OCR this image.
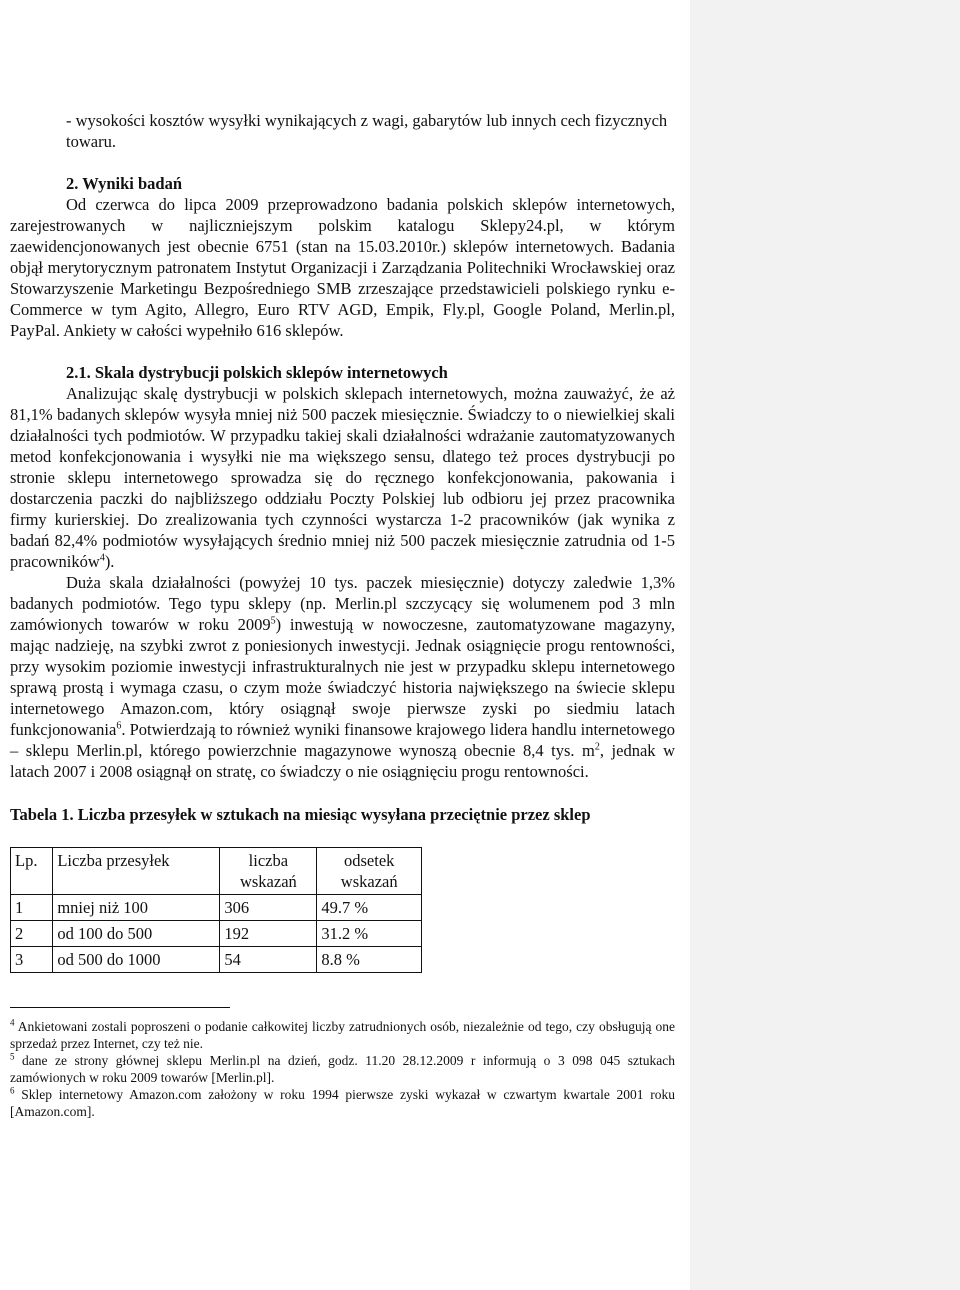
- wysokości kosztów wysyłki wynikających z wagi, gabarytów lub innych cech fizycznych towaru.

2. Wyniki badań

Od czerwca do lipca 2009 przeprowadzono badania polskich sklepów internetowych, zarejestrowanych w najliczniejszym polskim katalogu Sklepy24.pl, w którym zaewidencjonowanych jest obecnie 6751 (stan na 15.03.2010r.) sklepów internetowych. Badania objął merytorycznym patronatem Instytut Organizacji i Zarządzania Politechniki Wrocławskiej oraz Stowarzyszenie Marketingu Bezpośredniego SMB zrzeszające przedstawicieli polskiego rynku e-Commerce w tym Agito, Allegro, Euro RTV AGD, Empik, Fly.pl, Google Poland, Merlin.pl, PayPal. Ankiety w całości wypełniło 616 sklepów.

2.1. Skala dystrybucji polskich sklepów internetowych

Analizując skalę dystrybucji w polskich sklepach internetowych, można zauważyć, że aż 81,1% badanych sklepów wysyła mniej niż 500 paczek miesięcznie. Świadczy to o niewielkiej skali działalności tych podmiotów. W przypadku takiej skali działalności wdrażanie zautomatyzowanych metod konfekcjonowania i wysyłki nie ma większego sensu, dlatego też proces dystrybucji po stronie sklepu internetowego sprowadza się do ręcznego konfekcjonowania, pakowania i dostarczenia paczki do najbliższego oddziału Poczty Polskiej lub odbioru jej przez pracownika firmy kurierskiej. Do zrealizowania tych czynności wystarcza 1-2 pracowników (jak wynika z badań 82,4% podmiotów wysyłających średnio mniej niż 500 paczek miesięcznie zatrudnia od 1-5 pracowników$^4$).

Duża skala działalności (powyżej 10 tys. paczek miesięcznie) dotyczy zaledwie 1,3% badanych podmiotów. Tego typu sklepy (np. Merlin.pl szczycący się wolumenem pod 3 mln zamówionych towarów w roku 2009$^5$) inwestują w nowoczesne, zautomatyzowane magazyny, mając nadzieję, na szybki zwrot z poniesionych inwestycji. Jednak osiągnięcie progu rentowności, przy wysokim poziomie inwestycji infrastrukturalnych nie jest w przypadku sklepu internetowego sprawą prostą i wymaga czasu, o czym może świadczyć historia największego na świecie sklepu internetowego Amazon.com, który osiągnął swoje pierwsze zyski po siedmiu latach funkcjonowania$^6$. Potwierdzają to również wyniki finansowe krajowego lidera handlu internetowego – sklepu Merlin.pl, którego powierzchnie magazynowe wynoszą obecnie 8,4 tys. $m^2$, jednak w latach 2007 i 2008 osiągnął on stratę, co świadczy o nie osiągnięciu progu rentowności.

Tabela 1. Liczba przesyłek w sztukach na miesiąc wysyłana przeciętnie przez sklep

Lp.	Liczba przesyłek	liczba wskazań	odsetek wskazań
1	mniej niż 100	306	49.7 %
2	od 100 do 500	192	31.2 %
3	od 500 do 1000	54	8.8 %

$^4$ Ankietowani zostali poproszeni o podanie całkowitej liczby zatrudnionych osób, niezależnie od tego, czy obsługują one sprzedaż przez Internet, czy też nie.

$^5$ dane ze strony głównej sklepu Merlin.pl na dzień, godz. 11.20 28.12.2009 r informują o 3 098 045 sztukach zamówionych w roku 2009 towarów [Merlin.pl].

$^6$ Sklep internetowy Amazon.com założony w roku 1994 pierwsze zyski wykazał w czwartym kwartale 2001 roku [Amazon.com].
